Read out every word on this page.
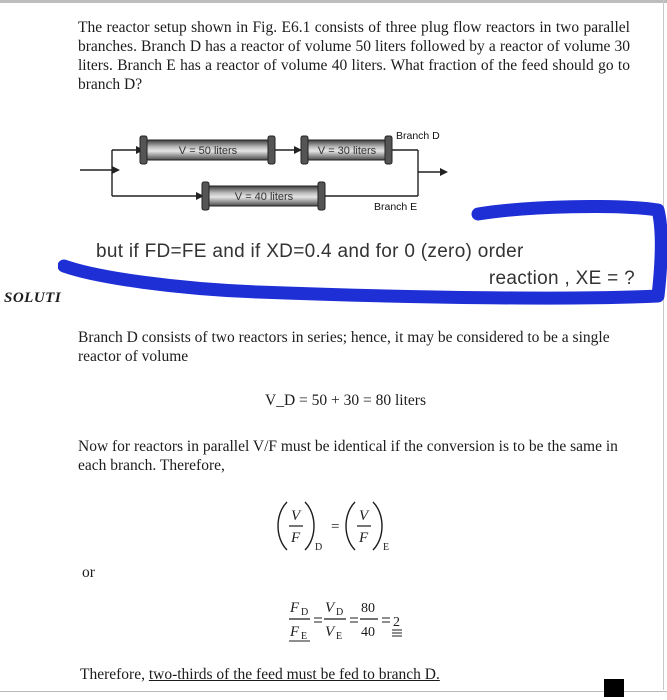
The reactor setup shown in Fig. E6.1 consists of three plug flow reactors in two parallel branches. Branch D has a reactor of volume 50 liters followed by a reactor of volume 30 liters. Branch E has a reactor of volume 40 liters. What fraction of the feed should go to branch D?
V = 50 liters	V = 30 liters
Branch D
V = 40 liters
Branch E
but if FD=FE and if XD=0.4 and for 0 (zero) order
reaction , XE = ?
SOLUTI
Branch D consists of two reactors in series; hence, it may be considered to be a single reactor of volume
V_D = 50 + 30 = 80 liters
Now for reactors in parallel V/F must be identical if the conversion is to be the same in each branch. Therefore,
V
F
D
=
V
F
E
or
F D
F E
V D
V E
80
40
2
Therefore, two-thirds of the feed must be fed to branch D.
